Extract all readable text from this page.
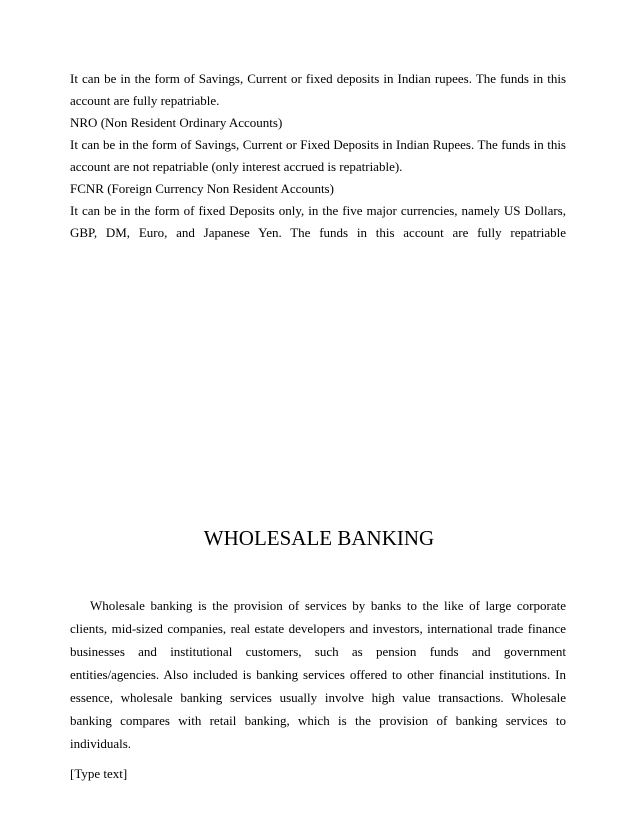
It can be in the form of Savings, Current or fixed deposits in Indian rupees. The funds in this
account are fully repatriable.
NRO (Non Resident Ordinary Accounts)
It can be in the form of Savings, Current or Fixed Deposits in Indian Rupees. The funds in this
account are not repatriable (only interest accrued is repatriable).
FCNR (Foreign Currency Non Resident Accounts)
It can be in the form of fixed Deposits only, in the five major currencies, namely US Dollars,
GBP, DM, Euro, and Japanese Yen. The funds in this account are fully repatriable
WHOLESALE BANKING

Wholesale banking is the provision of services by banks to the like of large corporate clients, mid-sized companies, real estate developers and investors, international trade finance businesses and institutional customers, such as pension funds and government entities/agencies. Also included is banking services offered to other financial institutions. In essence, wholesale banking services usually involve high value transactions. Wholesale banking compares with retail banking, which is the provision of banking services to individuals.

[Type text]
